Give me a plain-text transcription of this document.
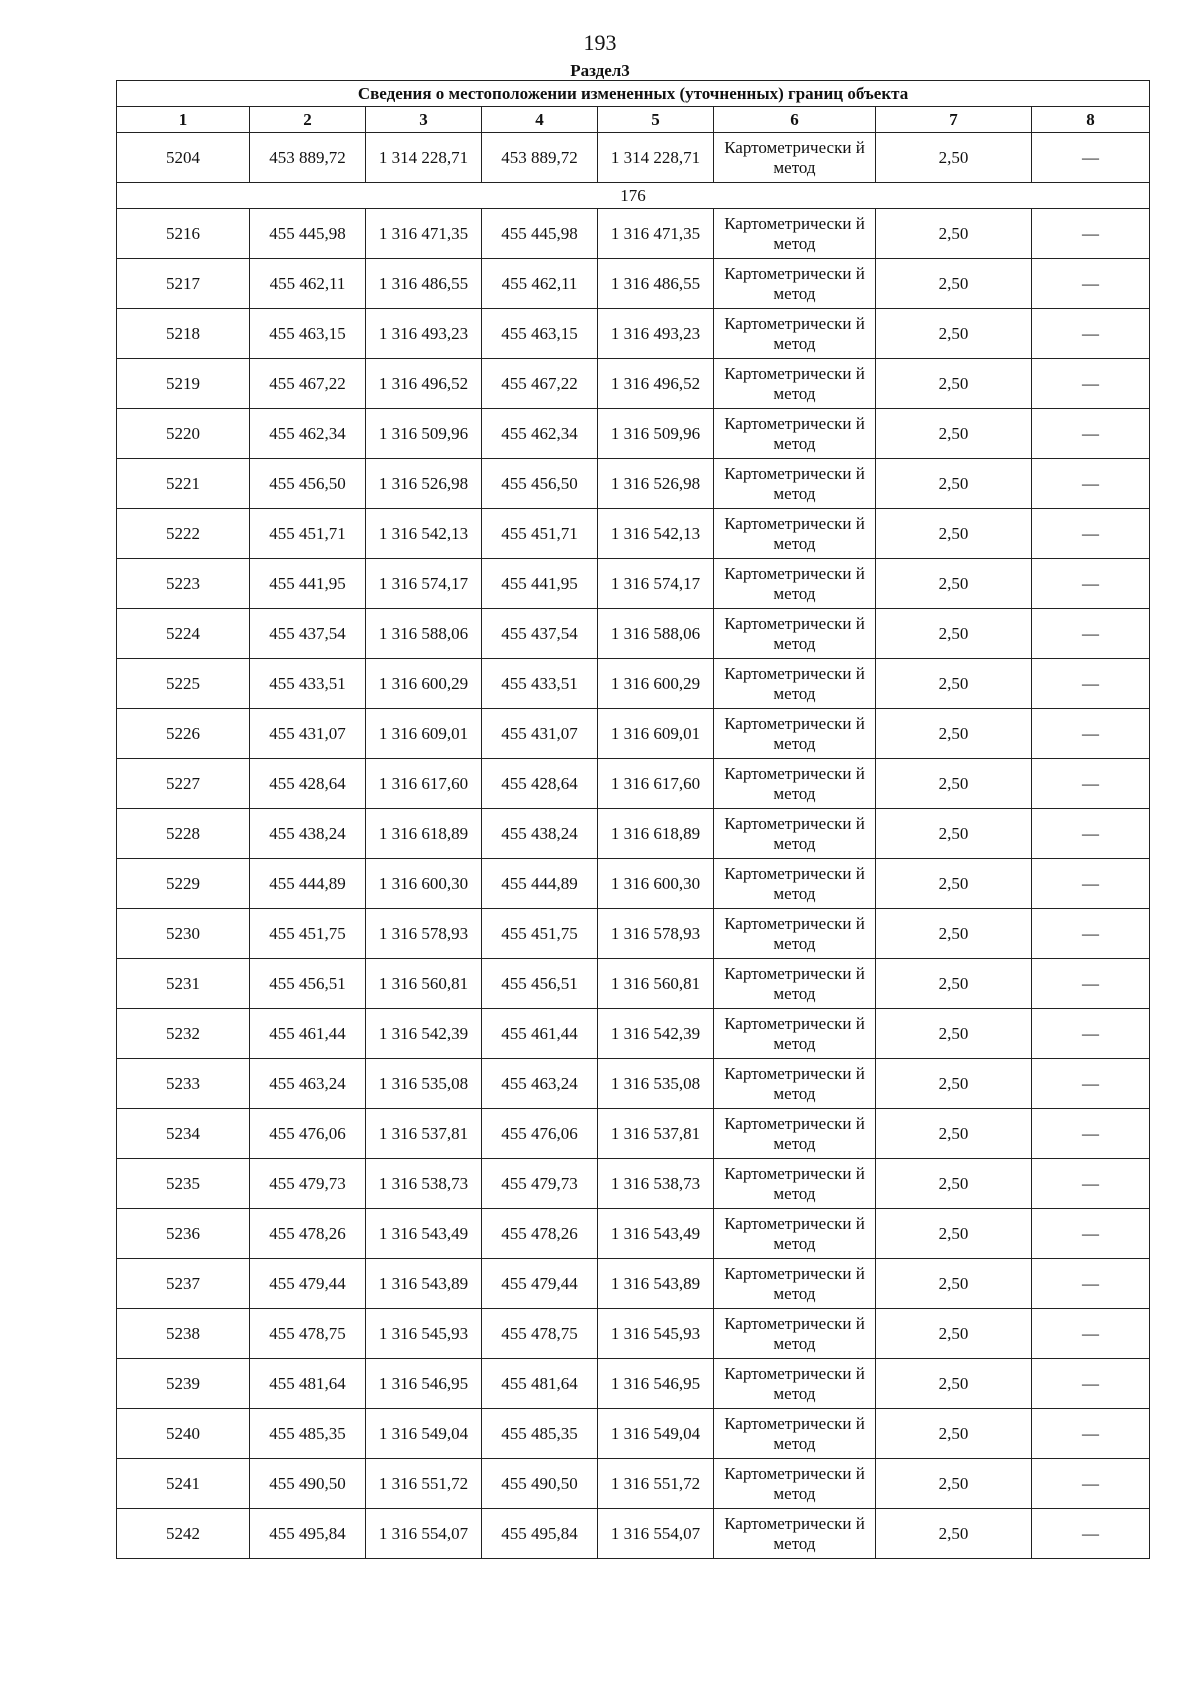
193
Раздел3
Сведения о местоположении измененных (уточненных) границ объекта							
1	2	3	4	5	6	7	8
5204	453 889,72	1 314 228,71	453 889,72	1 314 228,71	Картометрически й метод	2,50	—
176							
5216	455 445,98	1 316 471,35	455 445,98	1 316 471,35	Картометрически й метод	2,50	—
5217	455 462,11	1 316 486,55	455 462,11	1 316 486,55	Картометрически й метод	2,50	—
5218	455 463,15	1 316 493,23	455 463,15	1 316 493,23	Картометрически й метод	2,50	—
5219	455 467,22	1 316 496,52	455 467,22	1 316 496,52	Картометрически й метод	2,50	—
5220	455 462,34	1 316 509,96	455 462,34	1 316 509,96	Картометрически й метод	2,50	—
5221	455 456,50	1 316 526,98	455 456,50	1 316 526,98	Картометрически й метод	2,50	—
5222	455 451,71	1 316 542,13	455 451,71	1 316 542,13	Картометрически й метод	2,50	—
5223	455 441,95	1 316 574,17	455 441,95	1 316 574,17	Картометрически й метод	2,50	—
5224	455 437,54	1 316 588,06	455 437,54	1 316 588,06	Картометрически й метод	2,50	—
5225	455 433,51	1 316 600,29	455 433,51	1 316 600,29	Картометрически й метод	2,50	—
5226	455 431,07	1 316 609,01	455 431,07	1 316 609,01	Картометрически й метод	2,50	—
5227	455 428,64	1 316 617,60	455 428,64	1 316 617,60	Картометрически й метод	2,50	—
5228	455 438,24	1 316 618,89	455 438,24	1 316 618,89	Картометрически й метод	2,50	—
5229	455 444,89	1 316 600,30	455 444,89	1 316 600,30	Картометрически й метод	2,50	—
5230	455 451,75	1 316 578,93	455 451,75	1 316 578,93	Картометрически й метод	2,50	—
5231	455 456,51	1 316 560,81	455 456,51	1 316 560,81	Картометрически й метод	2,50	—
5232	455 461,44	1 316 542,39	455 461,44	1 316 542,39	Картометрически й метод	2,50	—
5233	455 463,24	1 316 535,08	455 463,24	1 316 535,08	Картометрически й метод	2,50	—
5234	455 476,06	1 316 537,81	455 476,06	1 316 537,81	Картометрически й метод	2,50	—
5235	455 479,73	1 316 538,73	455 479,73	1 316 538,73	Картометрически й метод	2,50	—
5236	455 478,26	1 316 543,49	455 478,26	1 316 543,49	Картометрически й метод	2,50	—
5237	455 479,44	1 316 543,89	455 479,44	1 316 543,89	Картометрически й метод	2,50	—
5238	455 478,75	1 316 545,93	455 478,75	1 316 545,93	Картометрически й метод	2,50	—
5239	455 481,64	1 316 546,95	455 481,64	1 316 546,95	Картометрически й метод	2,50	—
5240	455 485,35	1 316 549,04	455 485,35	1 316 549,04	Картометрически й метод	2,50	—
5241	455 490,50	1 316 551,72	455 490,50	1 316 551,72	Картометрически й метод	2,50	—
5242	455 495,84	1 316 554,07	455 495,84	1 316 554,07	Картометрически й метод	2,50	—
